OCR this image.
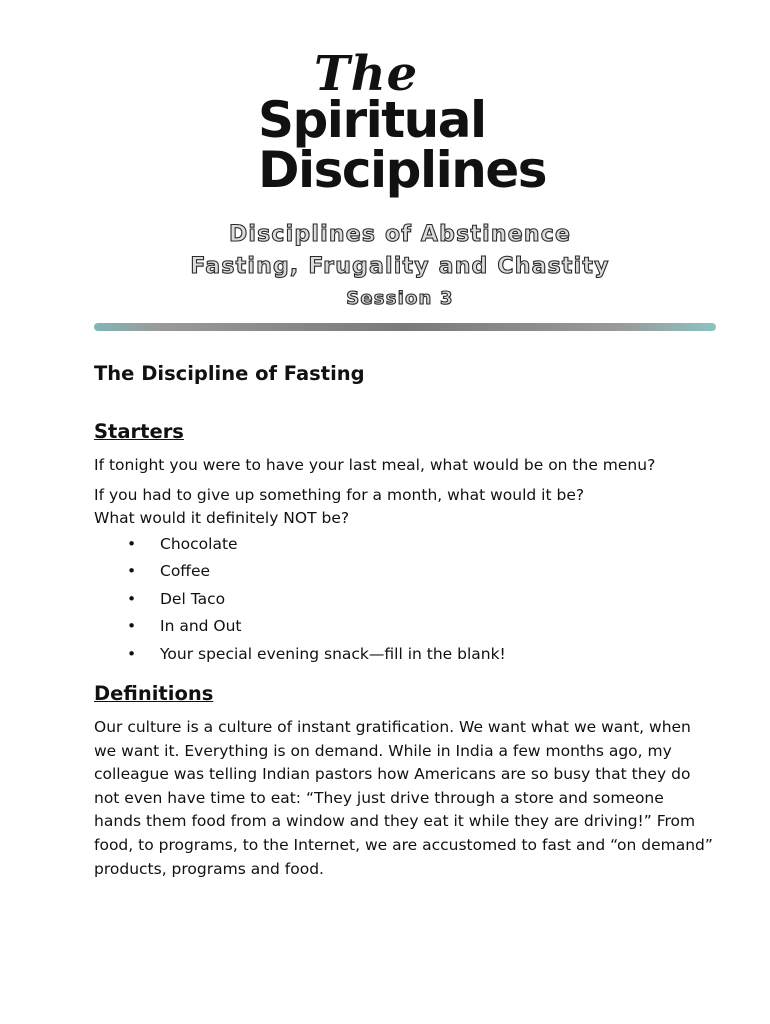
The
Spiritual
Disciplines
Disciplines of Abstinence
Fasting, Frugality and Chastity
Session 3
The Discipline of Fasting
Starters

If tonight you were to have your last meal, what would be on the menu?

If you had to give up something for a month, what would it be?

What would it definitely NOT be?

• Chocolate
• Coffee
• Del Taco
• In and Out
• Your special evening snack—fill in the blank!
Definitions

Our culture is a culture of instant gratification. We want what we want, when we want it. Everything is on demand. While in India a few months ago, my colleague was telling Indian pastors how Americans are so busy that they do not even have time to eat: “They just drive through a store and someone hands them food from a window and they eat it while they are driving!” From food, to programs, to the Internet, we are accustomed to fast and “on demand” products, programs and food.
